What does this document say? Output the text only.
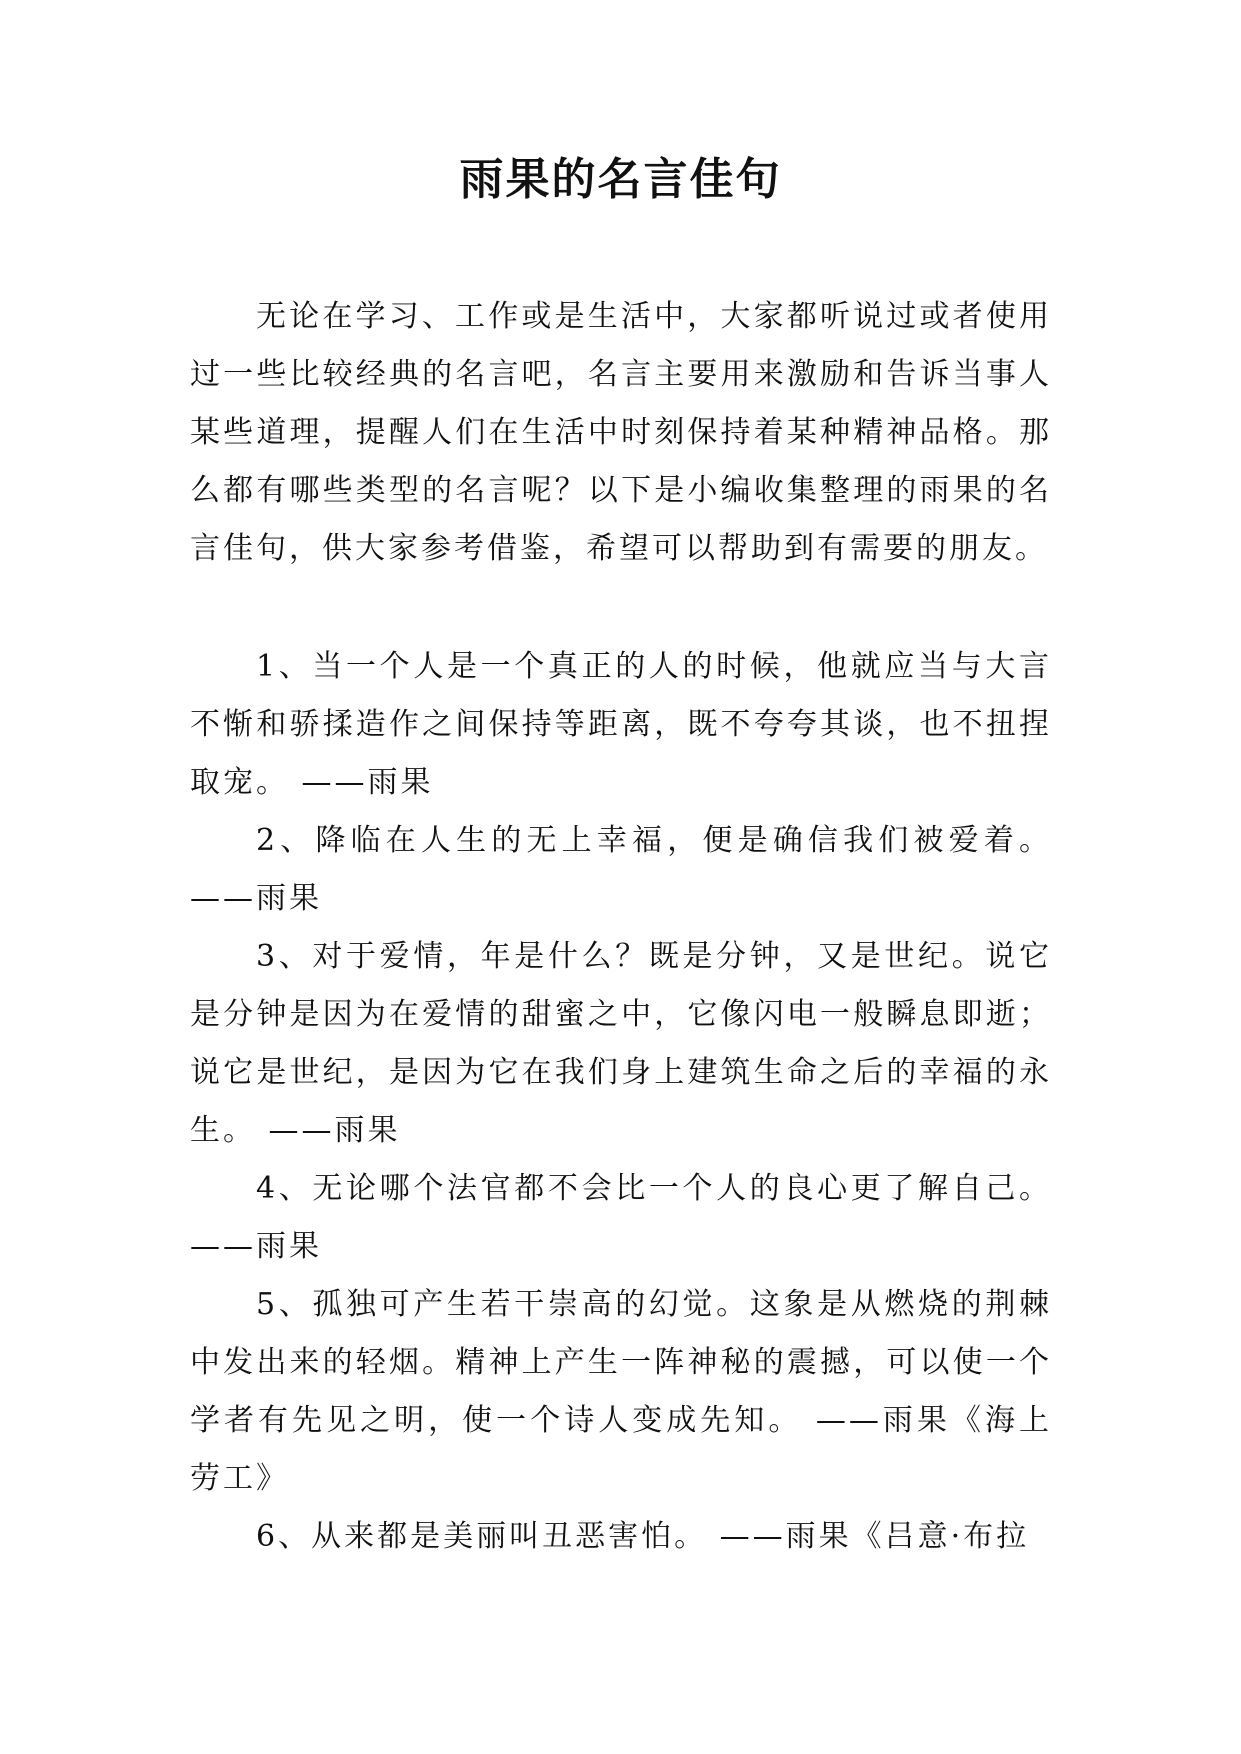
雨果的名言佳句

无论在学习、工作或是生活中，大家都听说过或者使用过一些比较经典的名言吧，名言主要用来激励和告诉当事人某些道理，提醒人们在生活中时刻保持着某种精神品格。那么都有哪些类型的名言呢？以下是小编收集整理的雨果的名言佳句，供大家参考借鉴，希望可以帮助到有需要的朋友。

1、当一个人是一个真正的人的时候，他就应当与大言不惭和骄揉造作之间保持等距离，既不夸夸其谈，也不扭捏取宠。 ——雨果
2、降临在人生的无上幸福，便是确信我们被爱着。 ——雨果
3、对于爱情，年是什么？既是分钟，又是世纪。说它是分钟是因为在爱情的甜蜜之中，它像闪电一般瞬息即逝；说它是世纪，是因为它在我们身上建筑生命之后的幸福的永生。 ——雨果
4、无论哪个法官都不会比一个人的良心更了解自己。 ——雨果
5、孤独可产生若干崇高的幻觉。这象是从燃烧的荆棘中发出来的轻烟。精神上产生一阵神秘的震撼，可以使一个学者有先见之明，使一个诗人变成先知。 ——雨果《海上劳工》
6、从来都是美丽叫丑恶害怕。 ——雨果《吕意·布拉
